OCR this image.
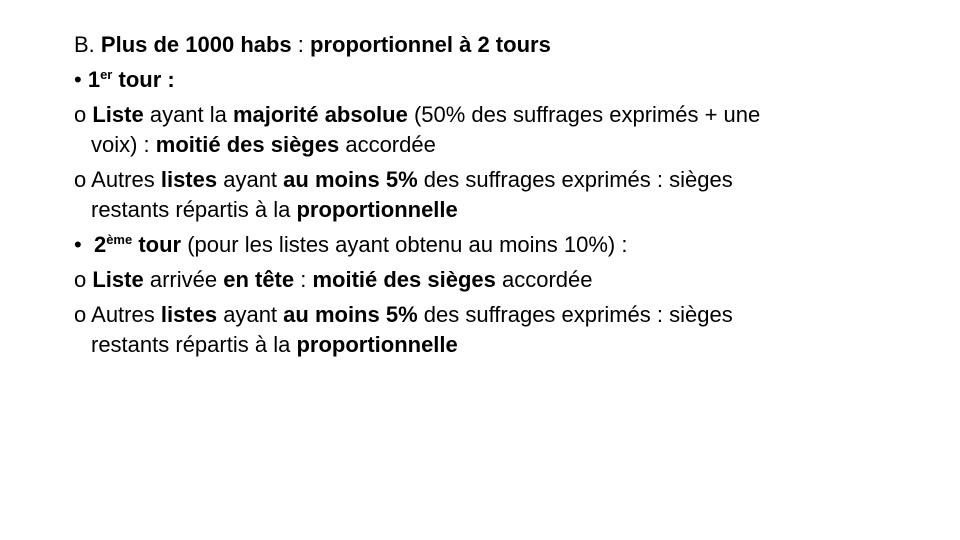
B. Plus de 1000 habs : proportionnel à 2 tours
• 1er tour :
o Liste ayant la majorité absolue (50% des suffrages exprimés + une
voix) : moitié des sièges accordée
o Autres listes ayant au moins 5% des suffrages exprimés : sièges
restants répartis à la proportionnelle
• 2ème tour (pour les listes ayant obtenu au moins 10%) :
o Liste arrivée en tête : moitié des sièges accordée
o Autres listes ayant au moins 5% des suffrages exprimés : sièges
restants répartis à la proportionnelle
